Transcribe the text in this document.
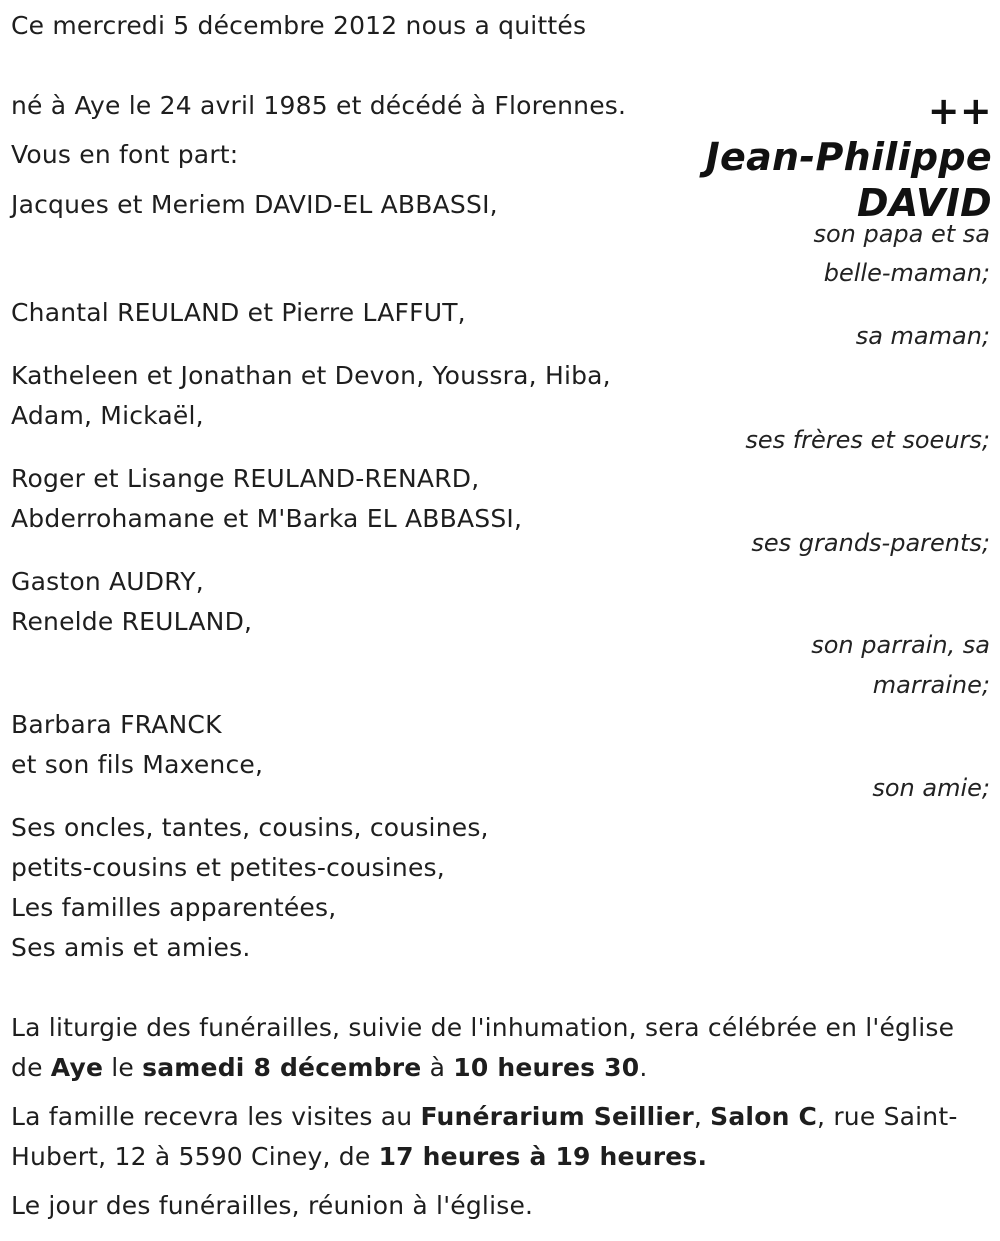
Ce mercredi 5 décembre 2012 nous a quittés
++
Jean-Philippe
DAVID
né à Aye le 24 avril 1985 et décédé à Florennes.
Vous en font part:
Jacques et Meriem DAVID-EL ABBASSI,
son papa et sa
belle-maman;
Chantal REULAND et Pierre LAFFUT,
sa maman;
Katheleen et Jonathan et Devon, Youssra, Hiba,
Adam, Mickaël,
ses frères et soeurs;
Roger et Lisange REULAND-RENARD,
Abderrohamane et M'Barka EL ABBASSI,
ses grands-parents;
Gaston AUDRY,
Renelde REULAND,
son parrain, sa
marraine;
Barbara FRANCK
et son fils Maxence,
son amie;
Ses oncles, tantes, cousins, cousines,
petits-cousins et petites-cousines,
Les familles apparentées,
Ses amis et amies.
La liturgie des funérailles, suivie de l'inhumation, sera célébrée en l'église de Aye le samedi 8 décembre à 10 heures 30.
La famille recevra les visites au Funérarium Seillier, Salon C, rue Saint-Hubert, 12 à 5590 Ciney, de 17 heures à 19 heures.
Le jour des funérailles, réunion à l'église.
